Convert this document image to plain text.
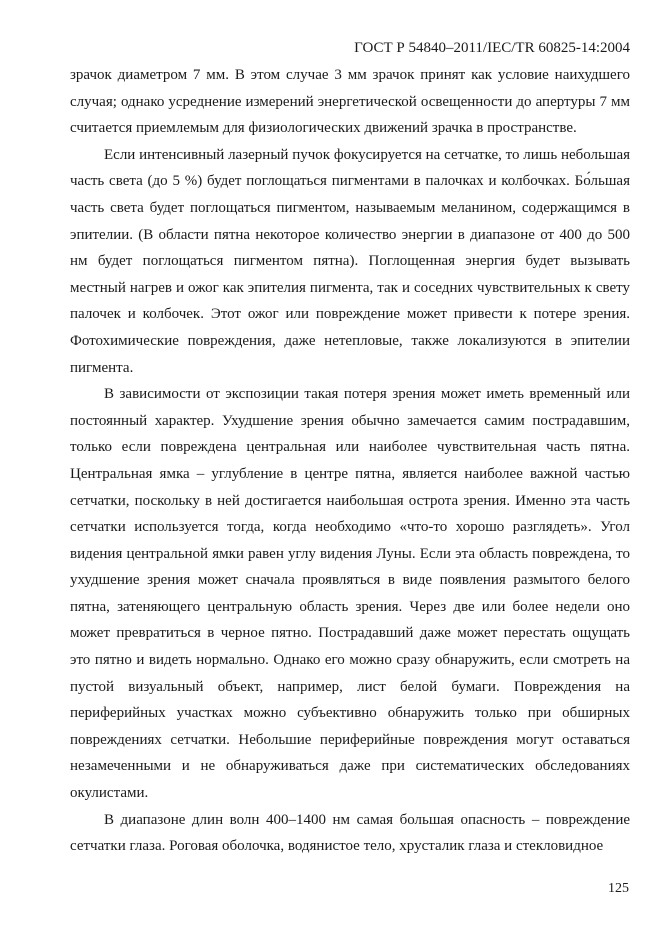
ГОСТ Р 54840–2011/IEC/TR 60825-14:2004

зрачок диаметром 7 мм. В этом случае 3 мм зрачок принят как условие наихудшего случая; однако усреднение измерений энергетической освещенности до апертуры 7 мм считается приемлемым для физиологических движений зрачка в пространстве.

Если интенсивный лазерный пучок фокусируется на сетчатке, то лишь небольшая часть света (до 5 %) будет поглощаться пигментами в палочках и колбочках. Бо́льшая часть света будет поглощаться пигментом, называемым меланином, содержащимся в эпителии. (В области пятна некоторое количество энергии в диапазоне от 400 до 500 нм будет поглощаться пигментом пятна). Поглощенная энергия будет вызывать местный нагрев и ожог как эпителия пигмента, так и соседних чувствительных к свету палочек и колбочек. Этот ожог или повреждение может привести к потере зрения. Фотохимические повреждения, даже нетепловые, также локализуются в эпителии пигмента.

В зависимости от экспозиции такая потеря зрения может иметь временный или постоянный характер. Ухудшение зрения обычно замечается самим пострадавшим, только если повреждена центральная или наиболее чувствительная часть пятна. Центральная ямка – углубление в центре пятна, является наиболее важной частью сетчатки, поскольку в ней достигается наибольшая острота зрения. Именно эта часть сетчатки используется тогда, когда необходимо «что-то хорошо разглядеть». Угол видения центральной ямки равен углу видения Луны. Если эта область повреждена, то ухудшение зрения может сначала проявляться в виде появления размытого белого пятна, затеняющего центральную область зрения. Через две или более недели оно может превратиться в черное пятно. Пострадавший даже может перестать ощущать это пятно и видеть нормально. Однако его можно сразу обнаружить, если смотреть на пустой визуальный объект, например, лист белой бумаги. Повреждения на периферийных участках можно субъективно обнаружить только при обширных повреждениях сетчатки. Небольшие периферийные повреждения могут оставаться незамеченными и не обнаруживаться даже при систематических обследованиях окулистами.

В диапазоне длин волн 400–1400 нм самая большая опасность – повреждение сетчатки глаза. Роговая оболочка, водянистое тело, хрусталик глаза и стекловидное

125
